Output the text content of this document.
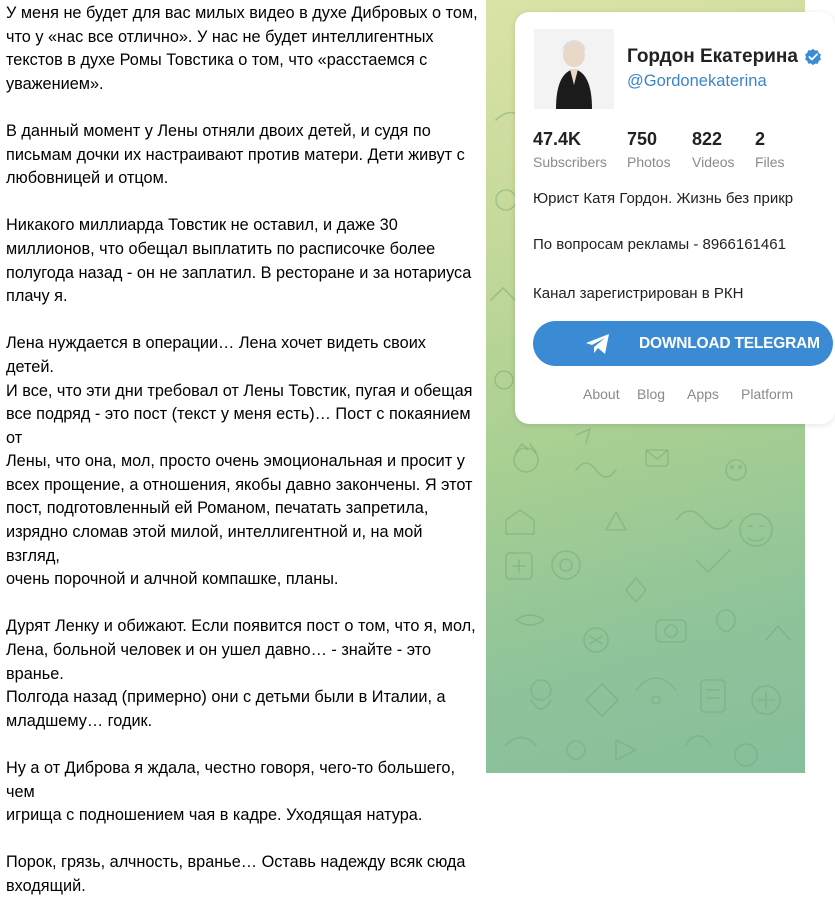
У меня не будет для вас милых видео в духе Дибровых о том,
что у «нас все отлично». У нас не будет интеллигентных
текстов в духе Ромы Товстика о том, что «расстаемся с
уважением».

В данный момент у Лены отняли двоих детей, и судя по
письмам дочки их настраивают против матери. Дети живут с
любовницей и отцом.

Никакого миллиарда Товстик не оставил, и даже 30
миллионов, что обещал выплатить по расписочке более
полугода назад - он не заплатил. В ресторане и за нотариуса
плачу я.

Лена нуждается в операции… Лена хочет видеть своих детей.
И все, что эти дни требовал от Лены Товстик, пугая и обещая
все подряд - это пост (текст у меня есть)… Пост с покаянием от
Лены, что она, мол, просто очень эмоциональная и просит у
всех прощение, а отношения, якобы давно закончены. Я этот
пост, подготовленный ей Романом, печатать запретила,
изрядно сломав этой милой, интеллигентной и, на мой взгляд,
очень порочной и алчной компашке, планы.

Дурят Ленку и обижают. Если появится пост о том, что я, мол,
Лена, больной человек и он ушел давно… - знайте - это вранье.
Полгода назад (примерно) они с детьми были в Италии, а
младшему… годик.

Ну а от Диброва я ждала, честно говоря, чего-то большего, чем
игрища с подношением чая в кадре. Уходящая натура.

Порок, грязь, алчность, вранье… Оставь надежду всяк сюда
входящий.

Гордон Екатерина
@Gordonekaterina
47.4K
Subscribers
750
Photos
822
Videos
2
Files
Юрист Катя Гордон. Жизнь без прикр
По вопросам рекламы - 8966161461
Канал зарегистрирован в РКН
DOWNLOAD TELEGRAM
About	Blog	Apps	Platform
